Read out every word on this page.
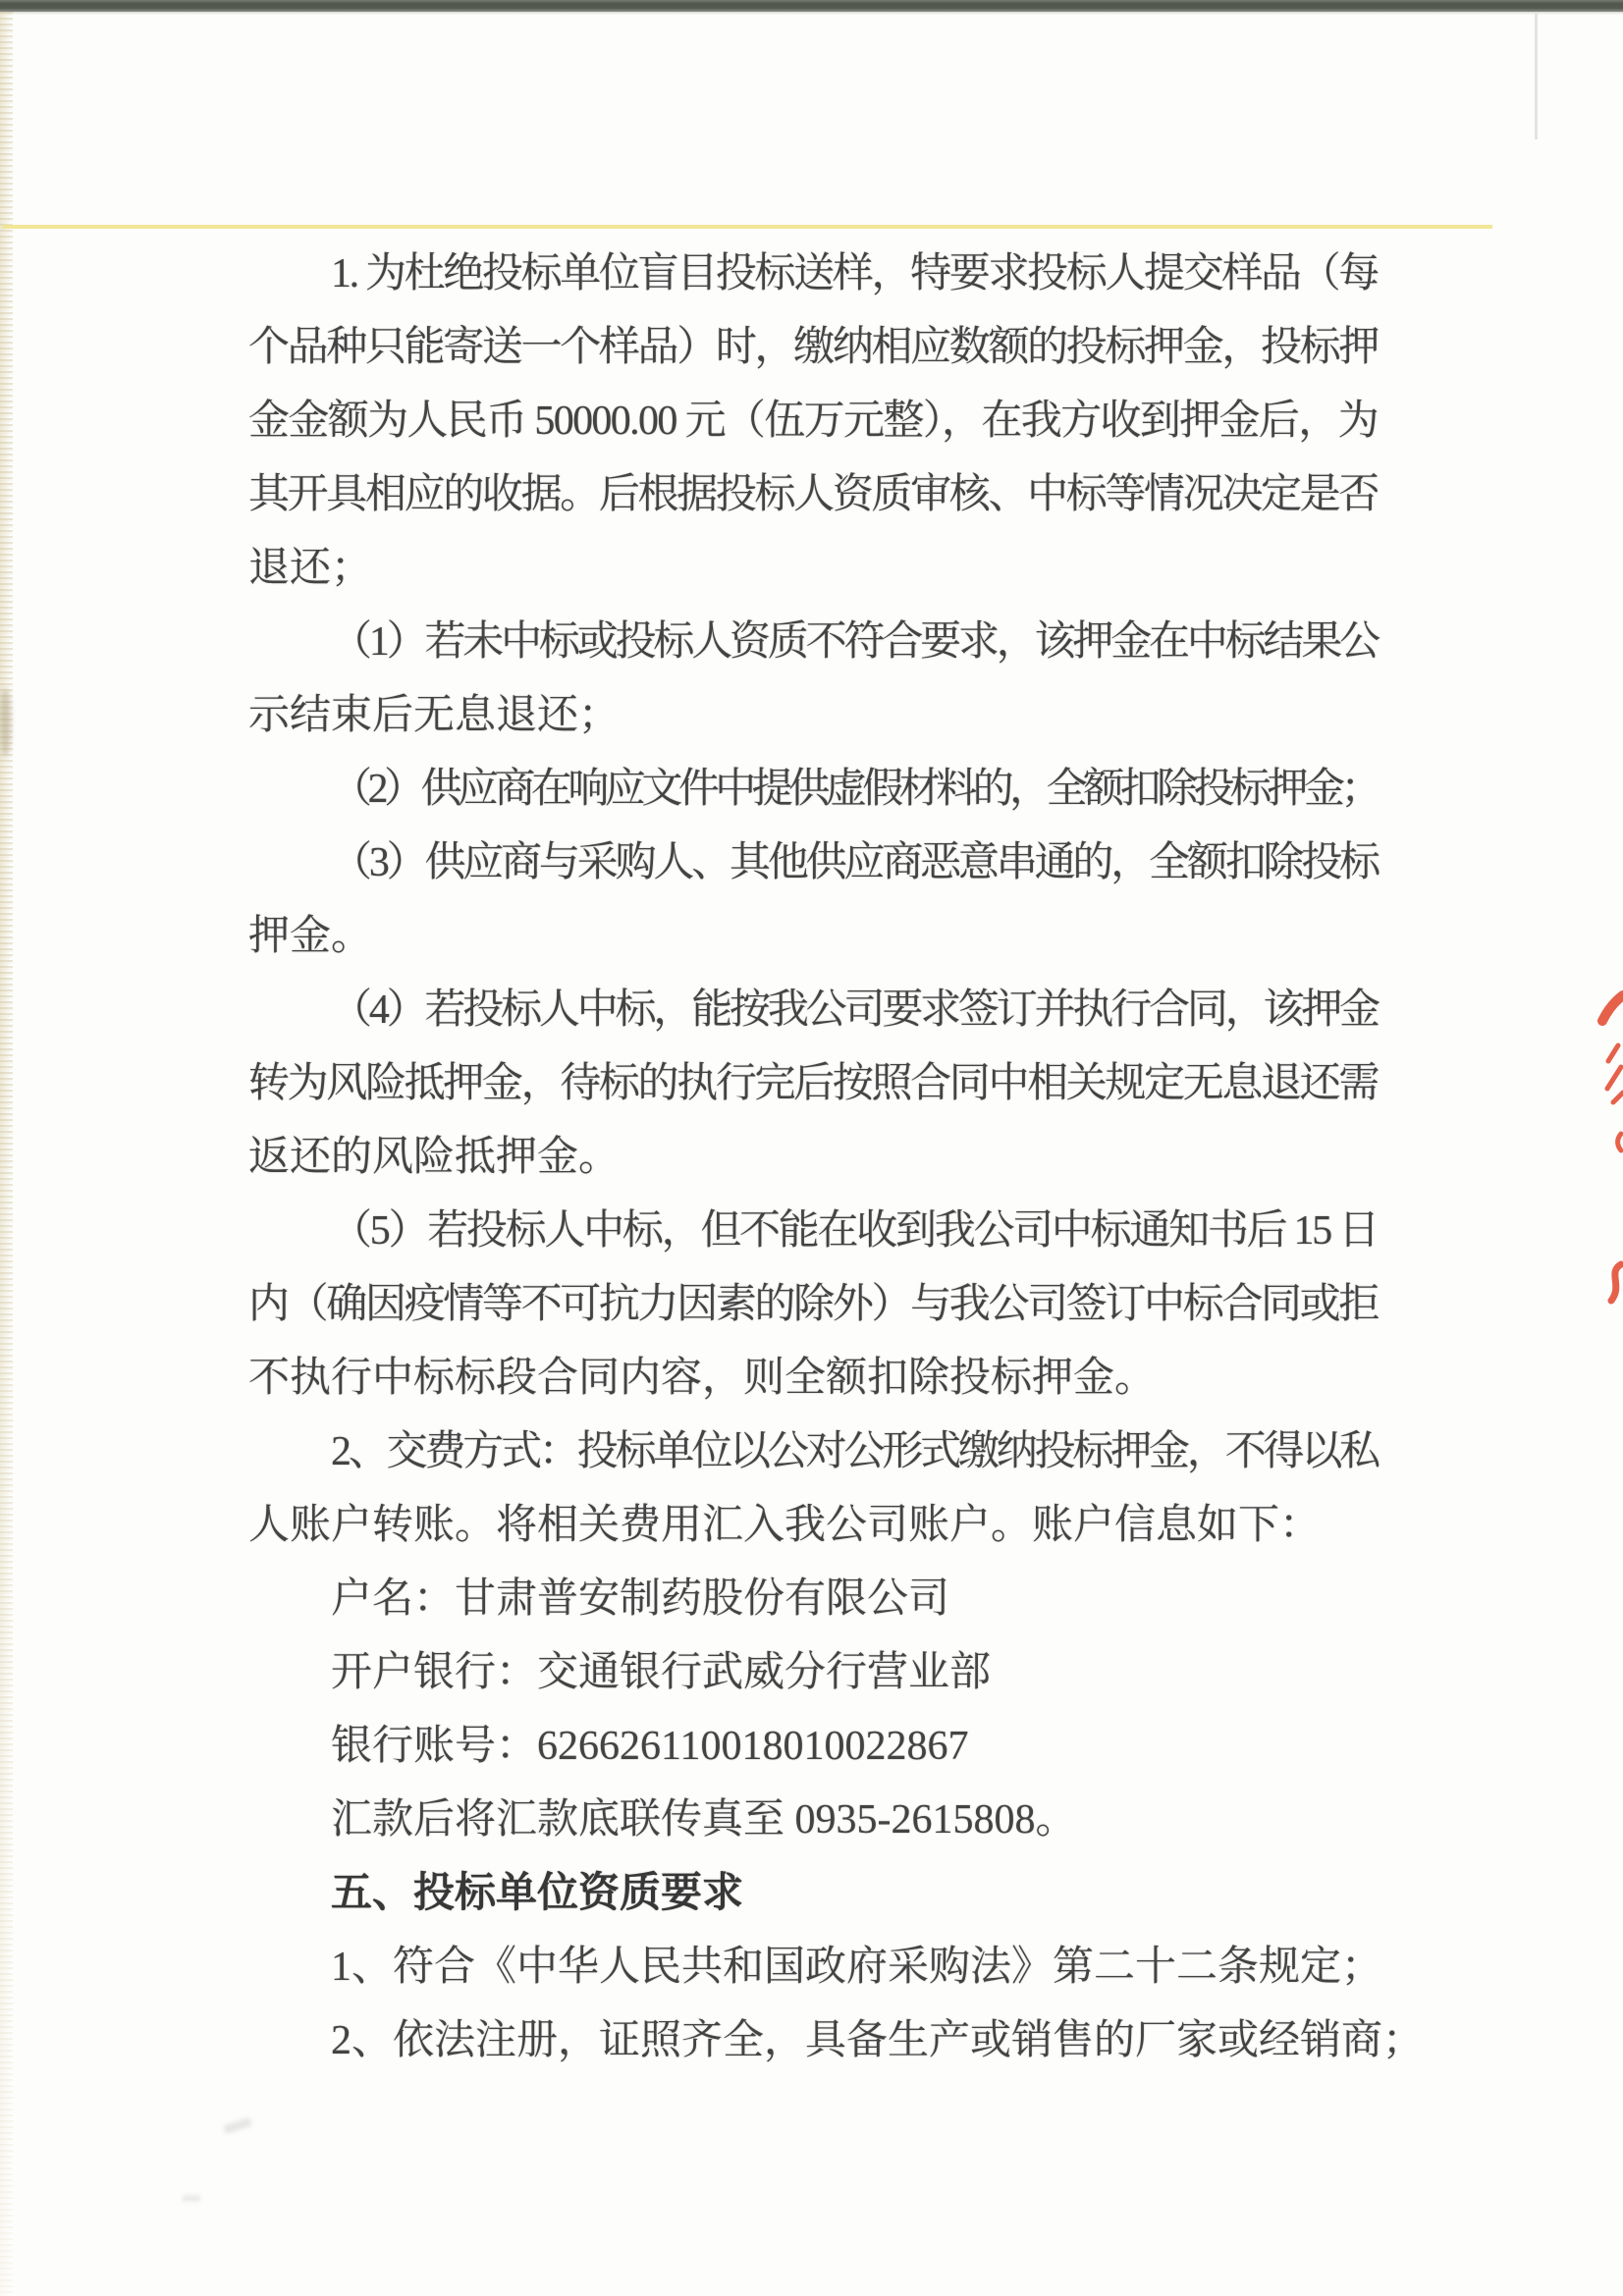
1. 为杜绝投标单位盲目投标送样，特要求投标人提交样品（每

个品种只能寄送一个样品）时，缴纳相应数额的投标押金，投标押

金金额为人民币 50000.00 元（伍万元整），在我方收到押金后，为

其开具相应的收据。后根据投标人资质审核、中标等情况决定是否

退还；

（1）若未中标或投标人资质不符合要求，该押金在中标结果公

示结束后无息退还；

（2）供应商在响应文件中提供虚假材料的，全额扣除投标押金；

（3）供应商与采购人、其他供应商恶意串通的，全额扣除投标

押金。

（4）若投标人中标，能按我公司要求签订并执行合同，该押金

转为风险抵押金，待标的执行完后按照合同中相关规定无息退还需

返还的风险抵押金。

（5）若投标人中标，但不能在收到我公司中标通知书后 15 日

内（确因疫情等不可抗力因素的除外）与我公司签订中标合同或拒

不执行中标标段合同内容，则全额扣除投标押金。

2、交费方式：投标单位以公对公形式缴纳投标押金，不得以私

人账户转账。将相关费用汇入我公司账户。账户信息如下：

户名：甘肃普安制药股份有限公司

开户银行：交通银行武威分行营业部

银行账号：626626110018010022867

汇款后将汇款底联传真至 0935-2615808。

五、投标单位资质要求

1、符合《中华人民共和国政府采购法》第二十二条规定；

2、依法注册，证照齐全，具备生产或销售的厂家或经销商；
